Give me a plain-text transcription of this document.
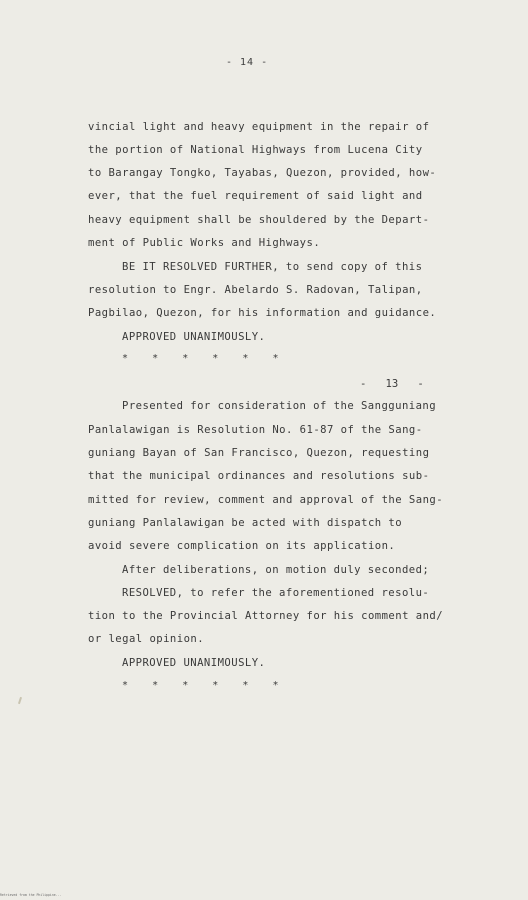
- 14 -
vincial light and heavy equipment in the repair of
the portion of National Highways from Lucena City
to Barangay Tongko, Tayabas, Quezon, provided, how-
ever, that the fuel requirement of said light and
heavy equipment shall be shouldered by the Depart-
ment of Public Works and Highways.
BE IT RESOLVED FURTHER, to send copy of this
resolution to Engr. Abelardo S. Radovan, Talipan,
Pagbilao, Quezon, for his information and guidance.
APPROVED UNANIMOUSLY.
*    *    *    *    *    *
-   13   -
Presented for consideration of the Sangguniang
Panlalawigan is Resolution No. 61-87 of the Sang-
guniang Bayan of San Francisco, Quezon, requesting
that the municipal ordinances and resolutions sub-
mitted for review, comment and approval of the Sang-
guniang Panlalawigan be acted with dispatch to
avoid severe complication on its application.
After deliberations, on motion duly seconded;
RESOLVED, to refer the aforementioned resolu-
tion to the Provincial Attorney for his comment and/
or legal opinion.
APPROVED UNANIMOUSLY.
*    *    *    *    *    *
Retrieved from the Philippine...
